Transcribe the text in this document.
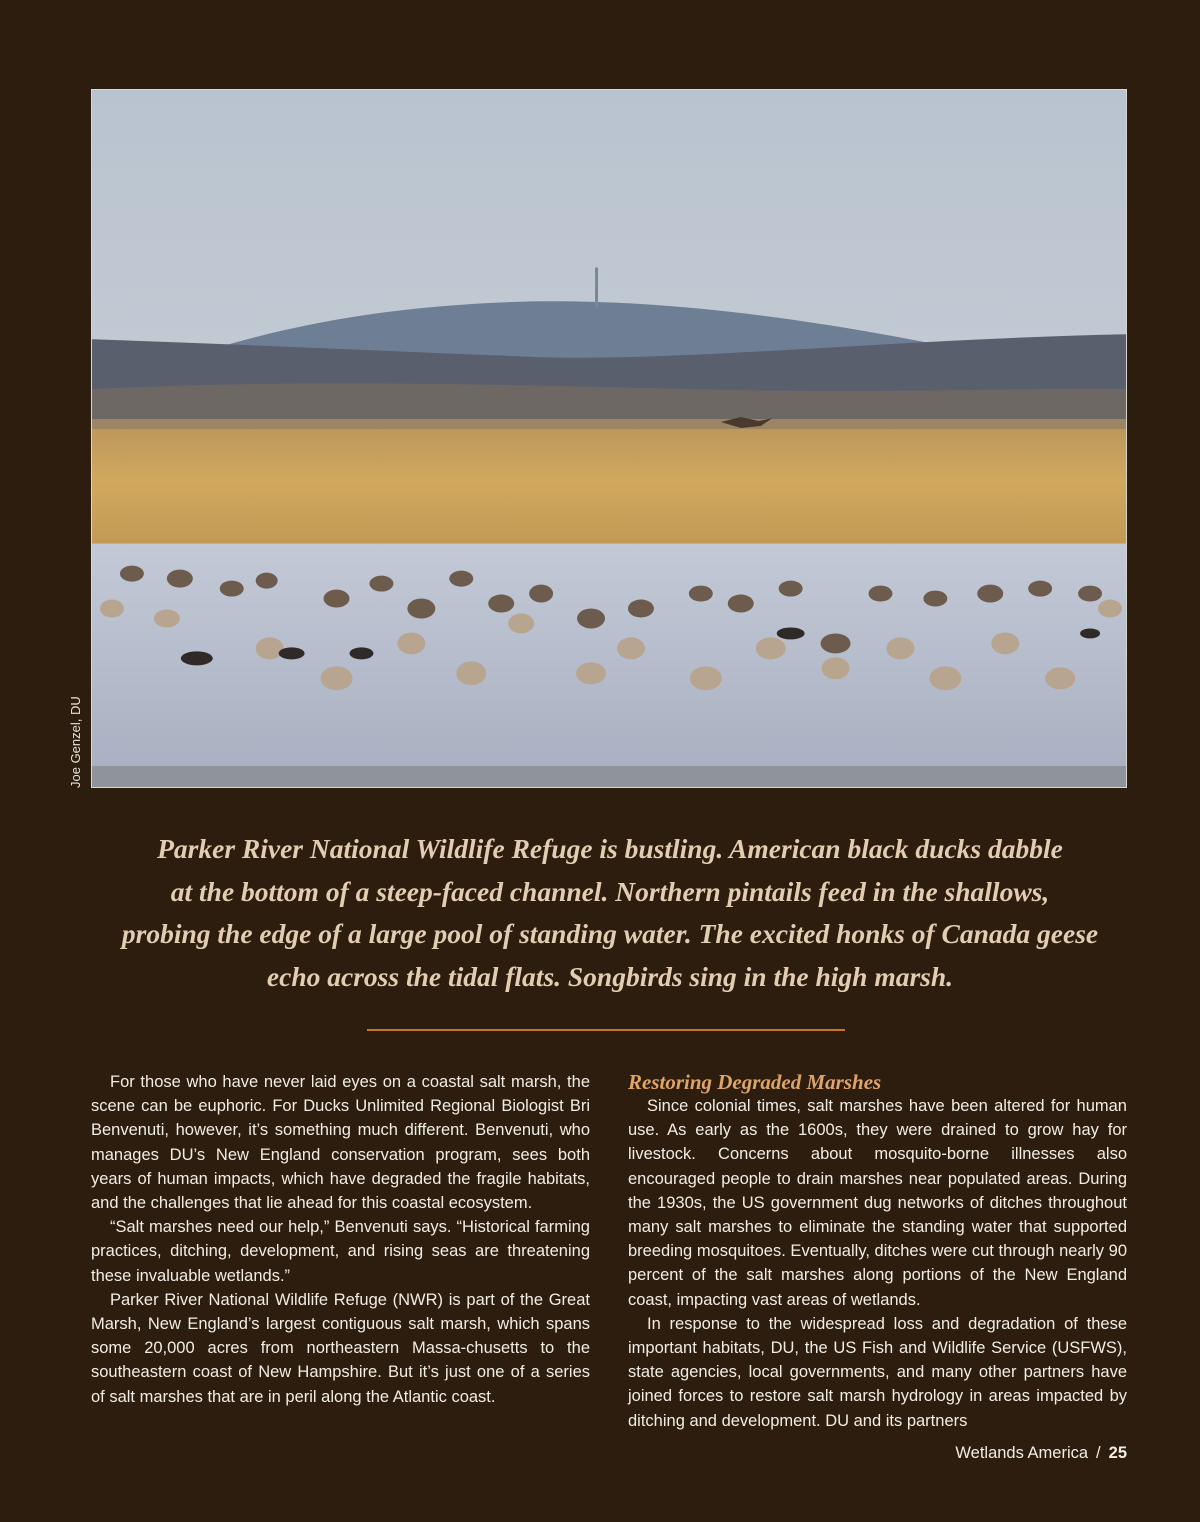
Joe Genzel, DU
Parker River National Wildlife Refuge is bustling. American black ducks dabble
at the bottom of a steep-faced channel. Northern pintails feed in the shallows,
probing the edge of a large pool of standing water. The excited honks of Canada geese
echo across the tidal flats. Songbirds sing in the high marsh.

For those who have never laid eyes on a coastal salt marsh, the scene can be euphoric. For Ducks Unlimited Regional Biologist Bri Benvenuti, however, it’s something much different. Benvenuti, who manages DU’s New England conservation program, sees both years of human impacts, which have degraded the fragile habitats, and the challenges that lie ahead for this coastal ecosystem.

“Salt marshes need our help,” Benvenuti says. “Historical farming practices, ditching, development, and rising seas are threatening these invaluable wetlands.”

Parker River National Wildlife Refuge (NWR) is part of the Great Marsh, New England’s largest contiguous salt marsh, which spans some 20,000 acres from northeastern Massa-chusetts to the southeastern coast of New Hampshire. But it’s just one of a series of salt marshes that are in peril along the Atlantic coast.

Restoring Degraded Marshes

Since colonial times, salt marshes have been altered for human use. As early as the 1600s, they were drained to grow hay for livestock. Concerns about mosquito-borne illnesses also encouraged people to drain marshes near populated areas. During the 1930s, the US government dug networks of ditches throughout many salt marshes to eliminate the standing water that supported breeding mosquitoes. Eventually, ditches were cut through nearly 90 percent of the salt marshes along portions of the New England coast, impacting vast areas of wetlands.

In response to the widespread loss and degradation of these important habitats, DU, the US Fish and Wildlife Service (USFWS), state agencies, local governments, and many other partners have joined forces to restore salt marsh hydrology in areas impacted by ditching and development. DU and its partners

Wetlands America / 25
